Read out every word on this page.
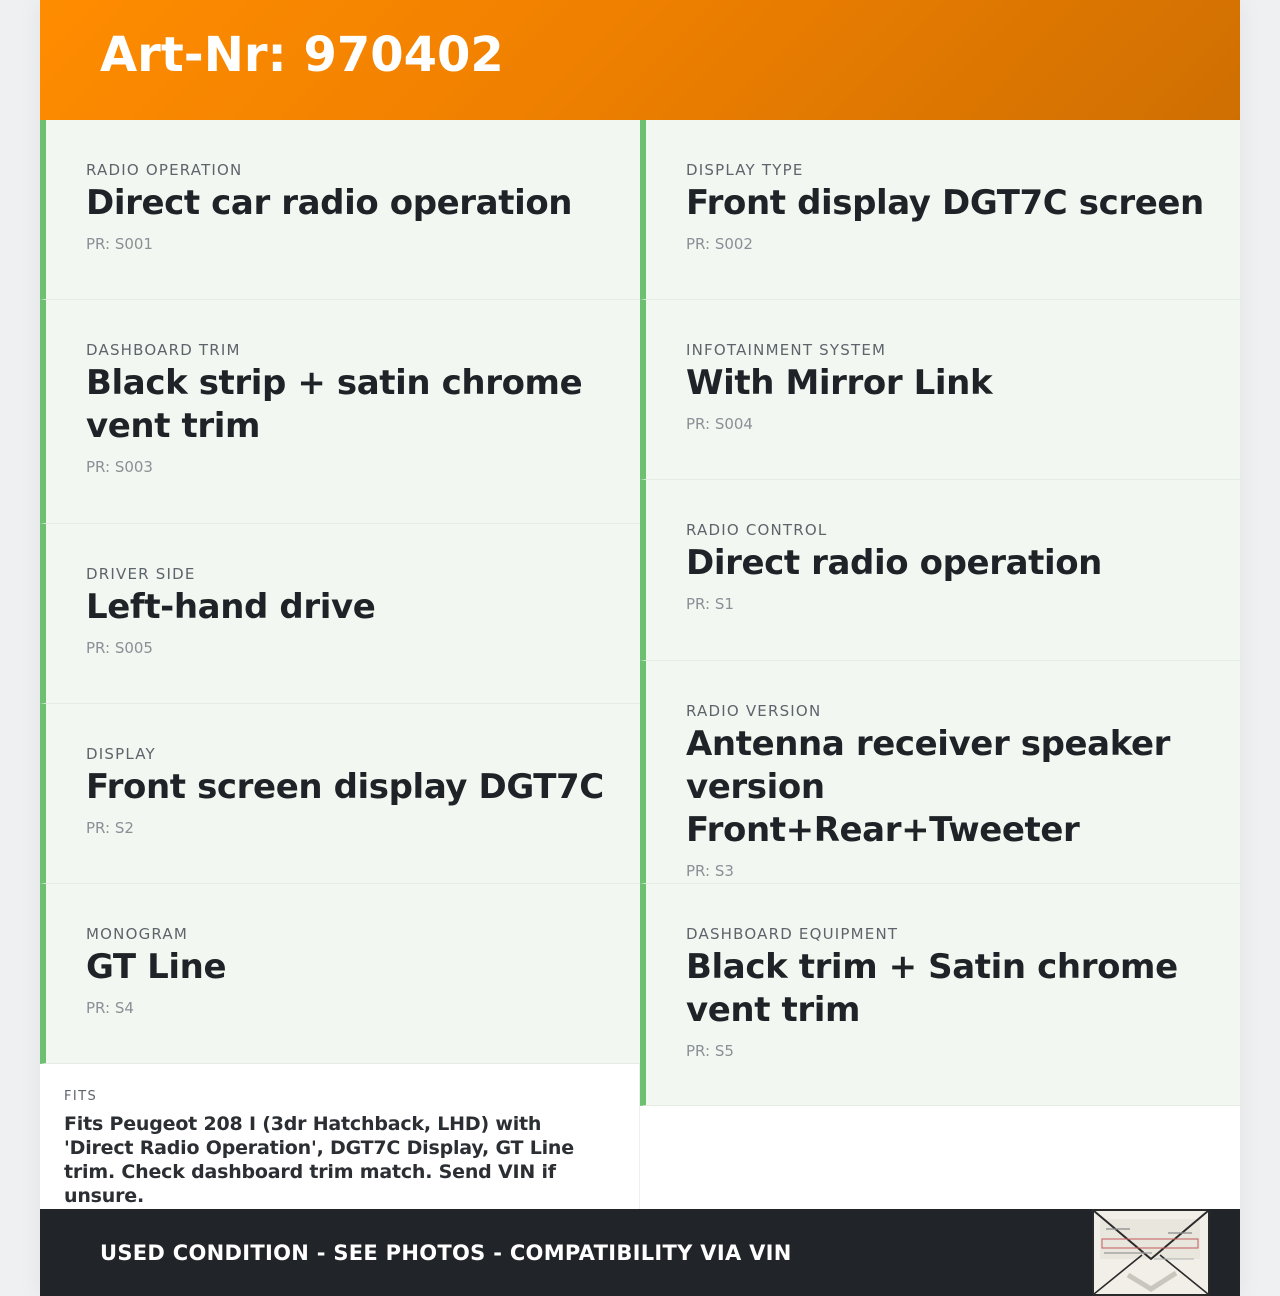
Art-Nr: 970402
RADIO OPERATION
Direct car radio operation
PR: S001
DASHBOARD TRIM
Black strip + satin chrome vent trim
PR: S003
DRIVER SIDE
Left-hand drive
PR: S005
DISPLAY
Front screen display DGT7C
PR: S2
MONOGRAM
GT Line
PR: S4
DISPLAY TYPE
Front display DGT7C screen
PR: S002
INFOTAINMENT SYSTEM
With Mirror Link
PR: S004
RADIO CONTROL
Direct radio operation
PR: S1
RADIO VERSION
Antenna receiver speaker version Front+Rear+Tweeter
PR: S3
DASHBOARD EQUIPMENT
Black trim + Satin chrome vent trim
PR: S5
FITS

Fits Peugeot 208 I (3dr Hatchback, LHD) with 'Direct Radio Operation', DGT7C Display, GT Line trim. Check dashboard trim match. Send VIN if unsure.

USED CONDITION - SEE PHOTOS - COMPATIBILITY VIA VIN
